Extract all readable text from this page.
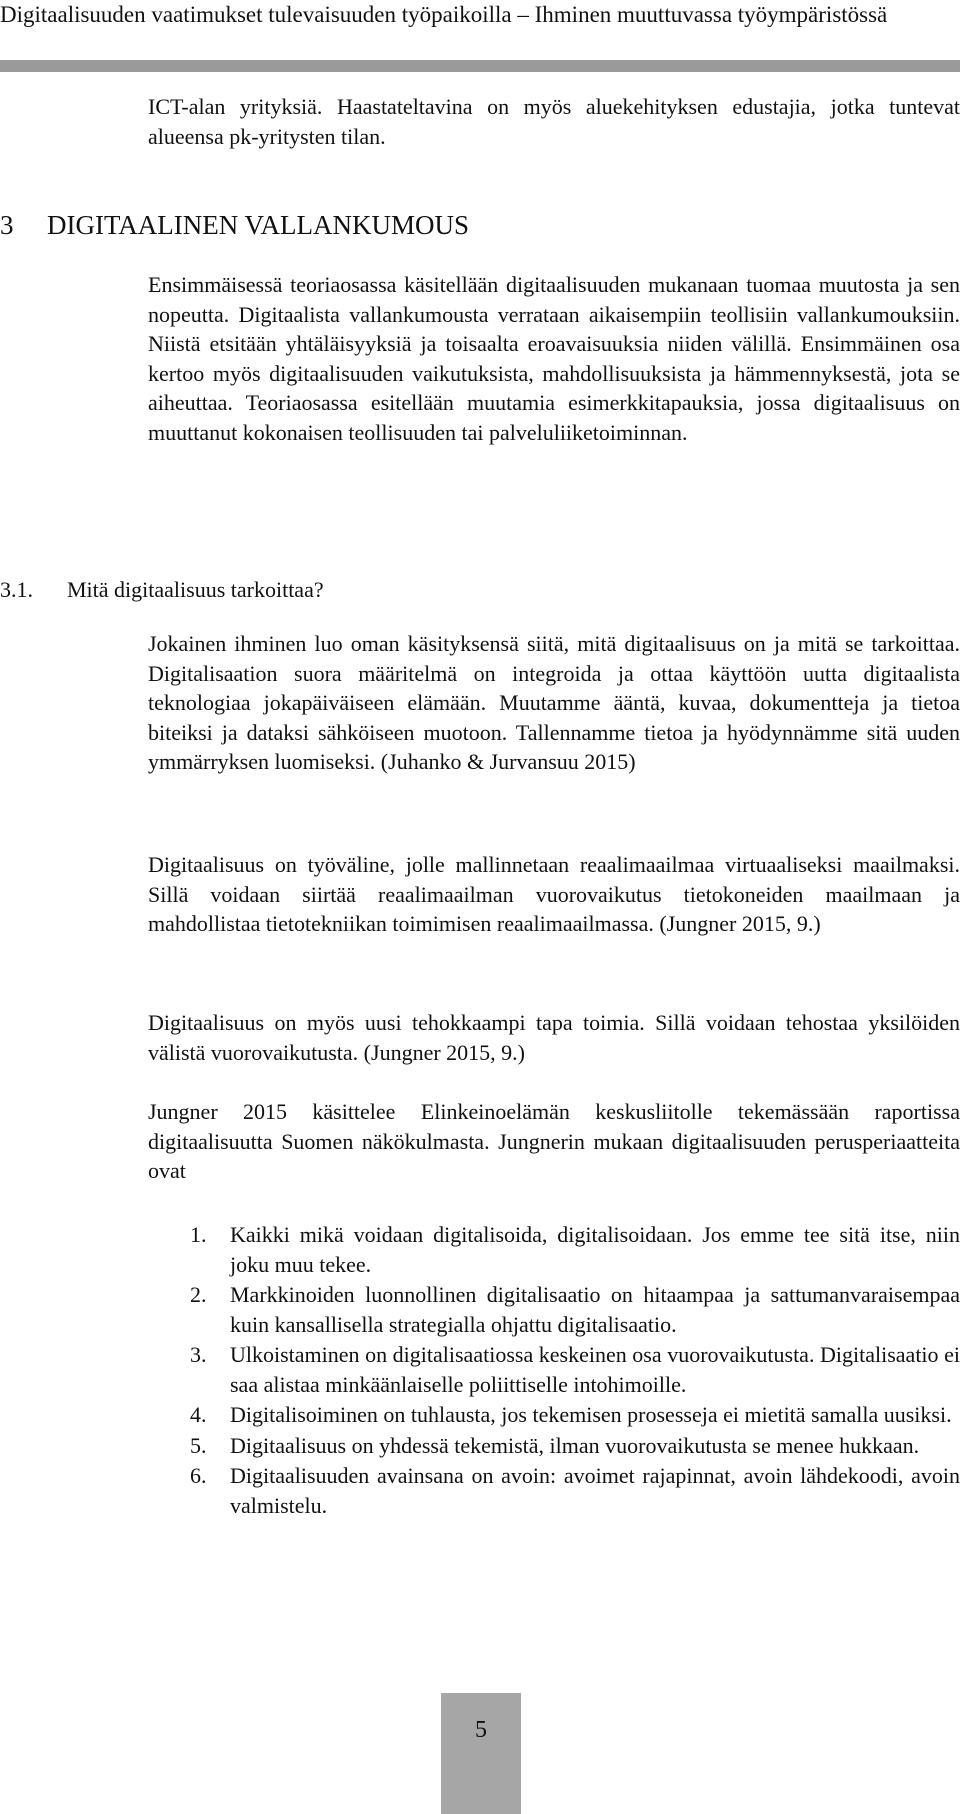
Digitaalisuuden vaatimukset tulevaisuuden työpaikoilla – Ihminen muuttuvassa työympäristössä

ICT-alan yrityksiä. Haastateltavina on myös aluekehityksen edustajia, jotka tuntevat alueensa pk-yritysten tilan.

3 DIGITAALINEN VALLANKUMOUS

Ensimmäisessä teoriaosassa käsitellään digitaalisuuden mukanaan tuomaa muutosta ja sen nopeutta. Digitaalista vallankumousta verrataan aikaisempiin teollisiin vallankumouksiin. Niistä etsitään yhtäläisyyksiä ja toisaalta eroavaisuuksia niiden välillä. Ensimmäinen osa kertoo myös digitaalisuuden vaikutuksista, mahdollisuuksista ja hämmennyksestä, jota se aiheuttaa. Teoriaosassa esitellään muutamia esimerkkitapauksia, jossa digitaalisuus on muuttanut kokonaisen teollisuuden tai palveluliiketoiminnan.

3.1. Mitä digitaalisuus tarkoittaa?

Jokainen ihminen luo oman käsityksensä siitä, mitä digitaalisuus on ja mitä se tarkoittaa. Digitalisaation suora määritelmä on integroida ja ottaa käyttöön uutta digitaalista teknologiaa jokapäiväiseen elämään. Muutamme ääntä, kuvaa, dokumentteja ja tietoa biteiksi ja dataksi sähköiseen muotoon. Tallennamme tietoa ja hyödynnämme sitä uuden ymmärryksen luomiseksi. (Juhanko & Jurvansuu 2015)

Digitaalisuus on työväline, jolle mallinnetaan reaalimaailmaa virtuaaliseksi maailmaksi. Sillä voidaan siirtää reaalimaailman vuorovaikutus tietokoneiden maailmaan ja mahdollistaa tietotekniikan toimimisen reaalimaailmassa. (Jungner 2015, 9.)

Digitaalisuus on myös uusi tehokkaampi tapa toimia. Sillä voidaan tehostaa yksilöiden välistä vuorovaikutusta. (Jungner 2015, 9.)

Jungner 2015 käsittelee Elinkeinoelämän keskusliitolle tekemässään raportissa digitaalisuutta Suomen näkökulmasta. Jungnerin mukaan digitaalisuuden perusperiaatteita ovat

1. Kaikki mikä voidaan digitalisoida, digitalisoidaan. Jos emme tee sitä itse, niin joku muu tekee.
2. Markkinoiden luonnollinen digitalisaatio on hitaampaa ja sattumanvaraisempaa kuin kansallisella strategialla ohjattu digitalisaatio.
3. Ulkoistaminen on digitalisaatiossa keskeinen osa vuorovaikutusta. Digitalisaatio ei saa alistaa minkäänlaiselle poliittiselle intohimoille.
4. Digitalisoiminen on tuhlausta, jos tekemisen prosesseja ei mietitä samalla uusiksi.
5. Digitaalisuus on yhdessä tekemistä, ilman vuorovaikutusta se menee hukkaan.
6. Digitaalisuuden avainsana on avoin: avoimet rajapinnat, avoin lähdekoodi, avoin valmistelu.
5
